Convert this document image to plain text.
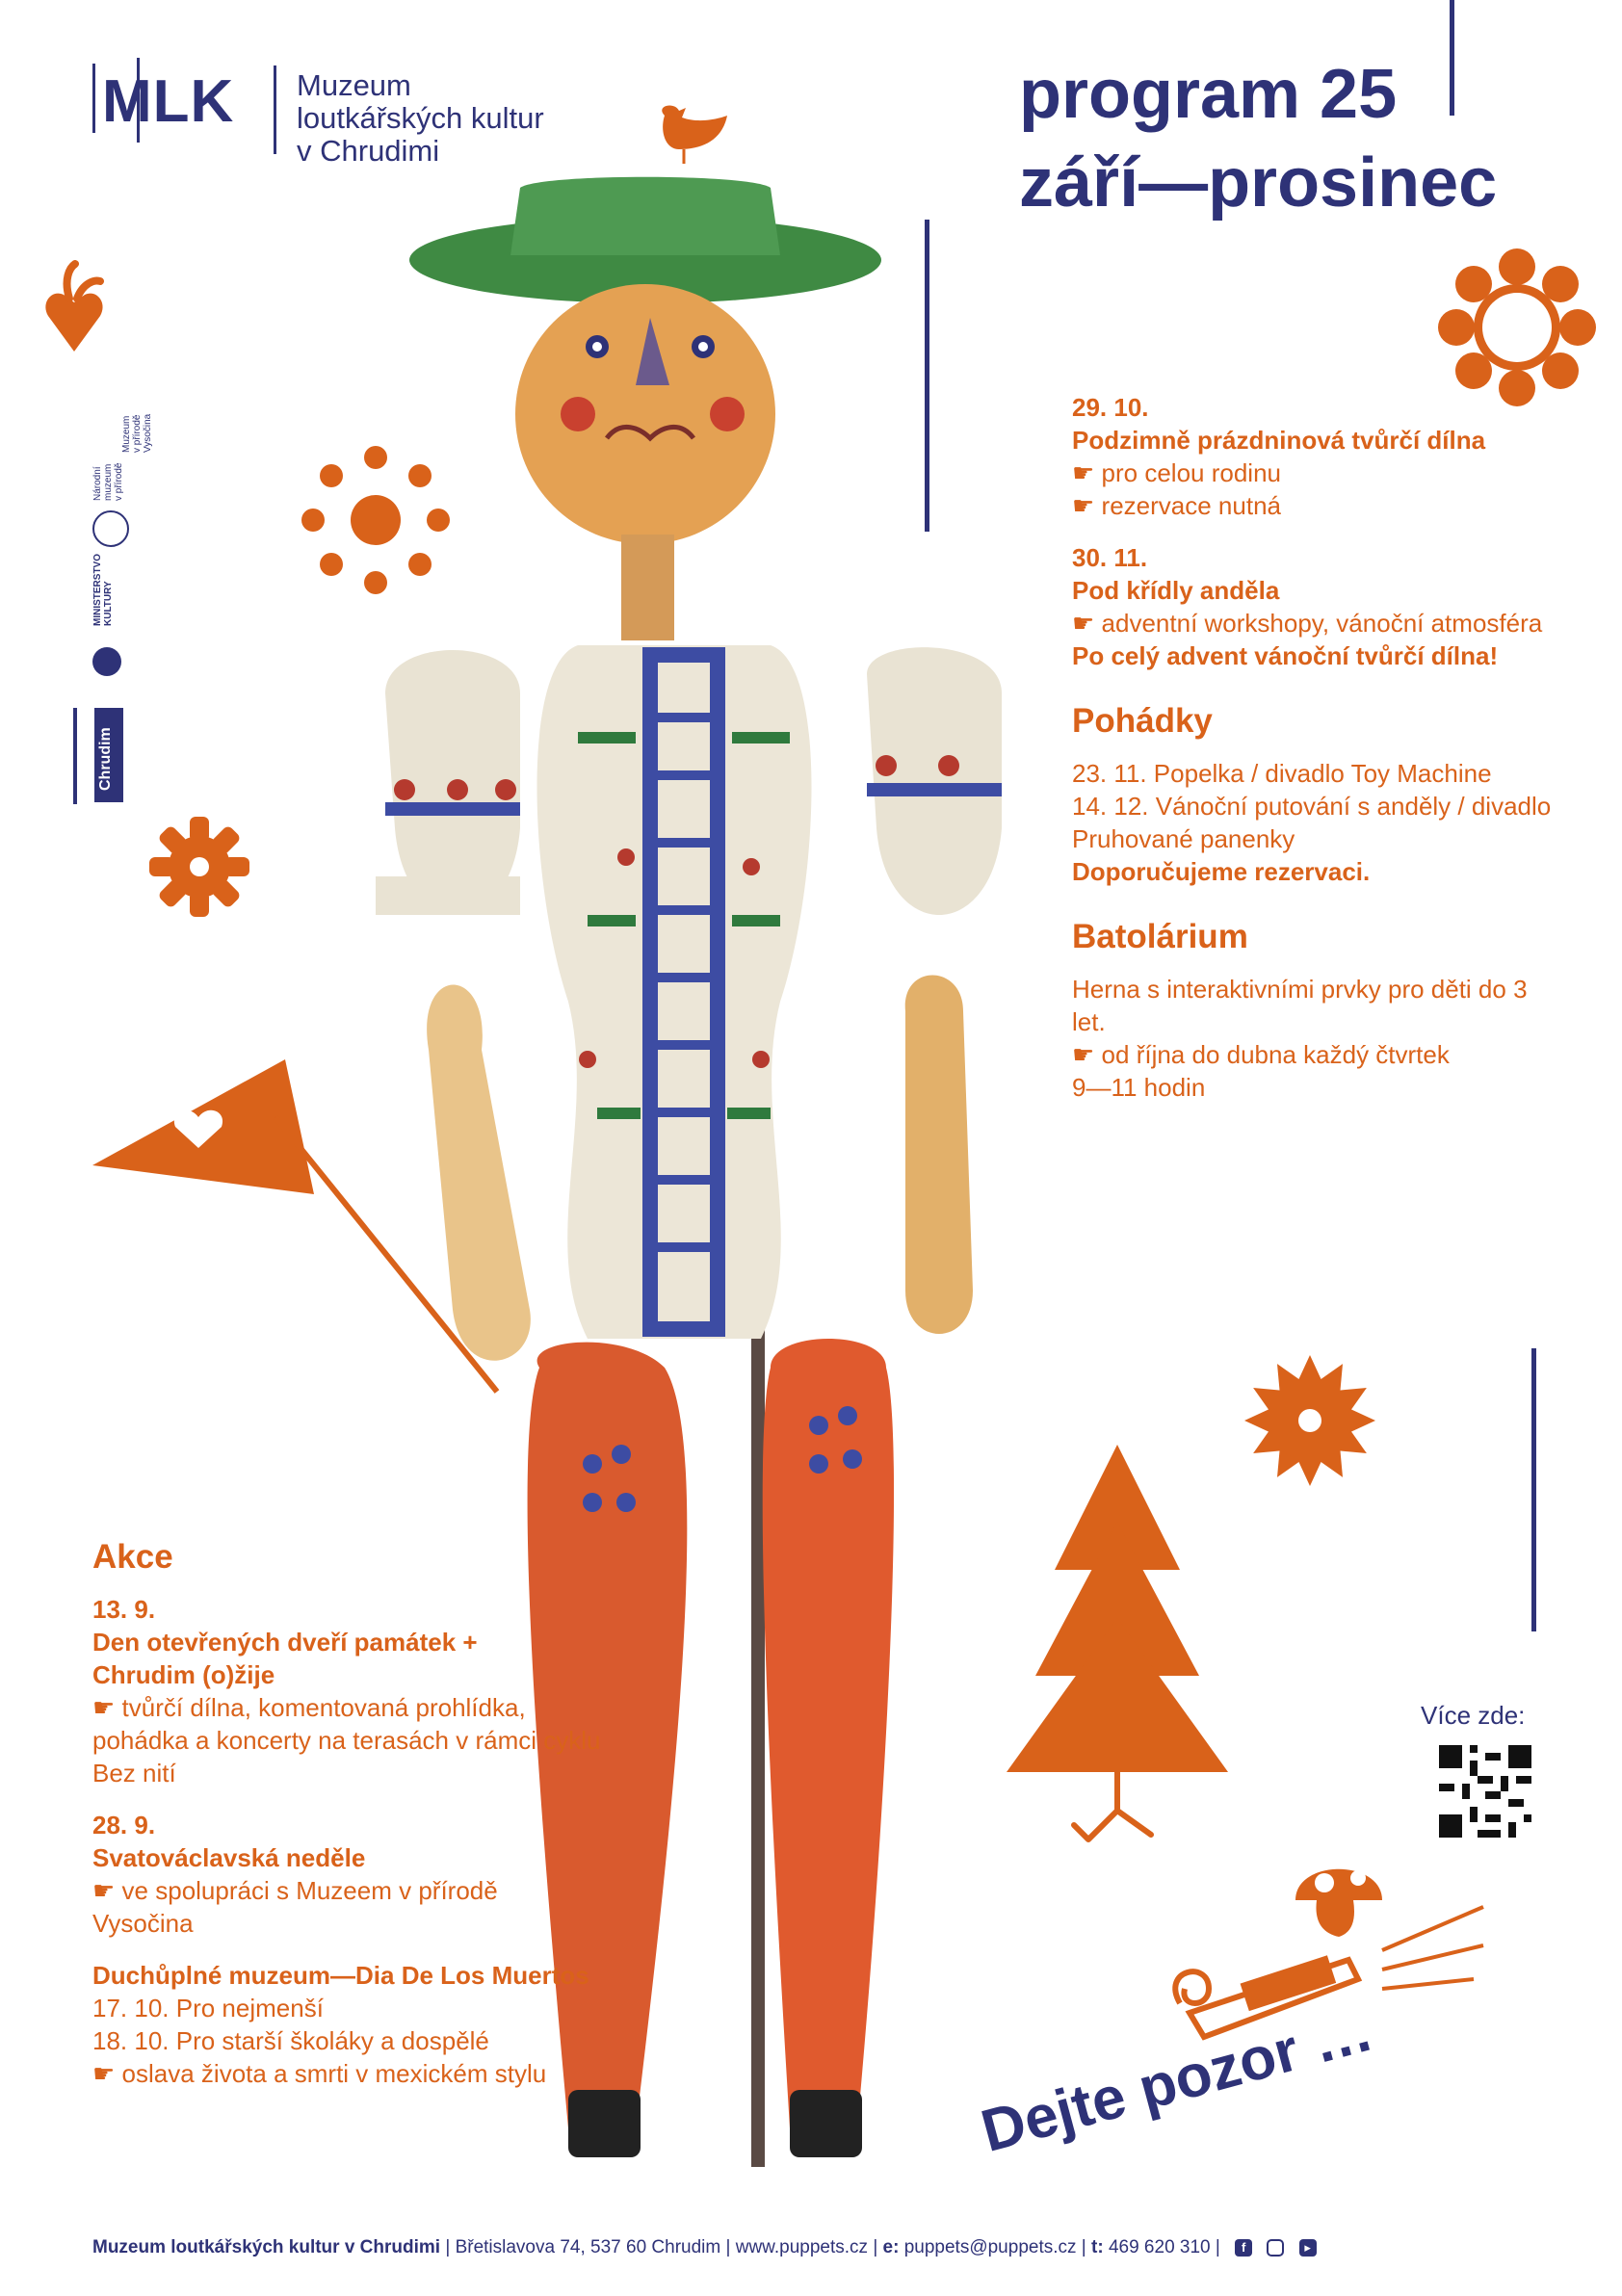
MLK Muzeum
loutkářských kultur
v Chrudimi
program 25
září—prosinec
Národní muzeum v přírodě
Muzeum v přírodě Vysočina
MINISTERSTVO KULTURY
Chrudim
29. 10.
Podzimně prázdninová tvůrčí dílna
☛ pro celou rodinu
☛ rezervace nutná
30. 11.
Pod křídly anděla
☛ adventní workshopy, vánoční atmosféra
Po celý advent vánoční tvůrčí dílna!
Pohádky
23. 11. Popelka / divadlo Toy Machine
14. 12. Vánoční putování s anděly / divadlo Pruhované panenky
Doporučujeme rezervaci.
Batolárium
Herna s interaktivními prvky pro děti do 3 let.
☛ od října do dubna každý čtvrtek
9—11 hodin
Akce
13. 9.
Den otevřených dveří památek + Chrudim (o)žije
☛ tvůrčí dílna, komentovaná prohlídka, pohádka a koncerty na terasách v rámci cyklu Bez nití
28. 9.
Svatováclavská neděle
☛ ve spolupráci s Muzeem v přírodě Vysočina
Duchůplné muzeum—Dia De Los Muertos
17. 10. Pro nejmenší
18. 10. Pro starší školáky a dospělé
☛ oslava života a smrti v mexickém stylu
Více zde:
Dejte pozor …
Muzeum loutkářských kultur v Chrudimi | Břetislavova 74, 537 60 Chrudim | www.puppets.cz | e: puppets@puppets.cz | t: 469 620 310 | f	▸
